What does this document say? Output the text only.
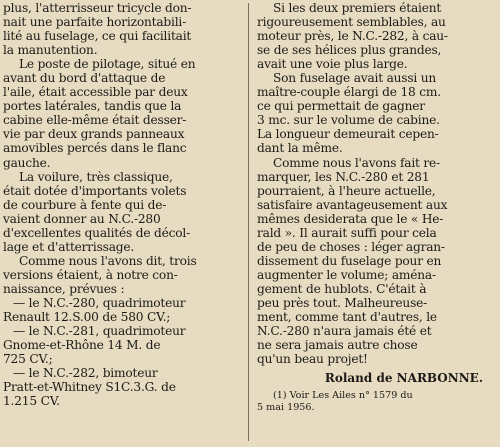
plus, l'atterrisseur tricycle don-
nait une parfaite horizontabili-
lité au fuselage, ce qui facilitait
la manutention.
Le poste de pilotage, situé en
avant du bord d'attaque de
l'aile, était accessible par deux
portes latérales, tandis que la
cabine elle-même était desser-
vie par deux grands panneaux
amovibles percés dans le flanc
gauche.
La voilure, très classique,
était dotée d'importants volets
de courbure à fente qui de-
vaient donner au N.C.-280
d'excellentes qualités de décol-
lage et d'atterrissage.
Comme nous l'avons dit, trois
versions étaient, à notre con-
naissance, prévues :
— le N.C.-280, quadrimoteur
Renault 12.S.00 de 580 CV.;
— le N.C.-281, quadrimoteur
Gnome-et-Rhône 14 M. de
725 CV.;
— le N.C.-282, bimoteur
Pratt-et-Whitney S1C.3.G. de
1.215 CV.
Si les deux premiers étaient
rigoureusement semblables, au
moteur près, le N.C.-282, à cau-
se de ses hélices plus grandes,
avait une voie plus large.
Son fuselage avait aussi un
maître-couple élargi de 18 cm.
ce qui permettait de gagner
3 mc. sur le volume de cabine.
La longueur demeurait cepen-
dant la même.
Comme nous l'avons fait re-
marquer, les N.C.-280 et 281
pourraient, à l'heure actuelle,
satisfaire avantageusement aux
mêmes desiderata que le « He-
rald ». Il aurait suffi pour cela
de peu de choses : léger agran-
dissement du fuselage pour en
augmenter le volume; aména-
gement de hublots. C'était à
peu près tout. Malheureuse-
ment, comme tant d'autres, le
N.C.-280 n'aura jamais été et
ne sera jamais autre chose
qu'un beau projet!
Roland de NARBONNE.
(1) Voir Les Ailes n° 1579 du
5 mai 1956.
